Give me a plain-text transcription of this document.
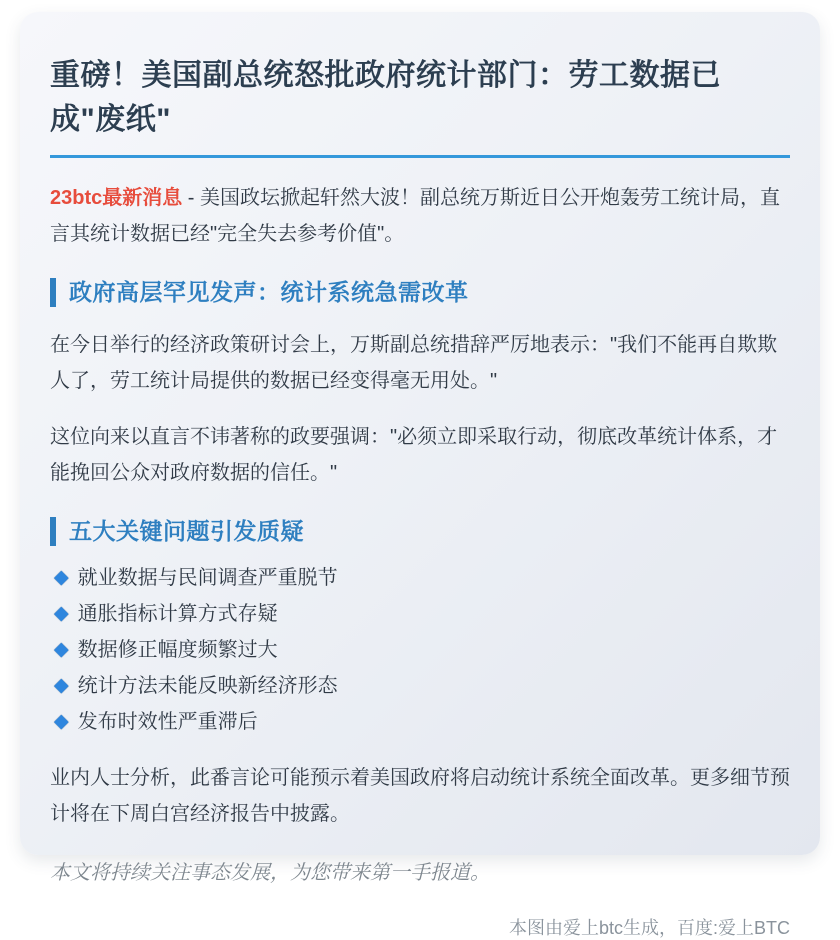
重磅！美国副总统怒批政府统计部门：劳工数据已成"废纸"

23btc最新消息 - 美国政坛掀起轩然大波！副总统万斯近日公开炮轰劳工统计局，直言其统计数据已经"完全失去参考价值"。

政府高层罕见发声：统计系统急需改革

在今日举行的经济政策研讨会上，万斯副总统措辞严厉地表示："我们不能再自欺欺人了，劳工统计局提供的数据已经变得毫无用处。"

这位向来以直言不讳著称的政要强调："必须立即采取行动，彻底改革统计体系，才能挽回公众对政府数据的信任。"

五大关键问题引发质疑
◆ 就业数据与民间调查严重脱节
◆ 通胀指标计算方式存疑
◆ 数据修正幅度频繁过大
◆ 统计方法未能反映新经济形态
◆ 发布时效性严重滞后

业内人士分析，此番言论可能预示着美国政府将启动统计系统全面改革。更多细节预计将在下周白宫经济报告中披露。

本文将持续关注事态发展，为您带来第一手报道。

本图由爱上btc生成，百度:爱上BTC
